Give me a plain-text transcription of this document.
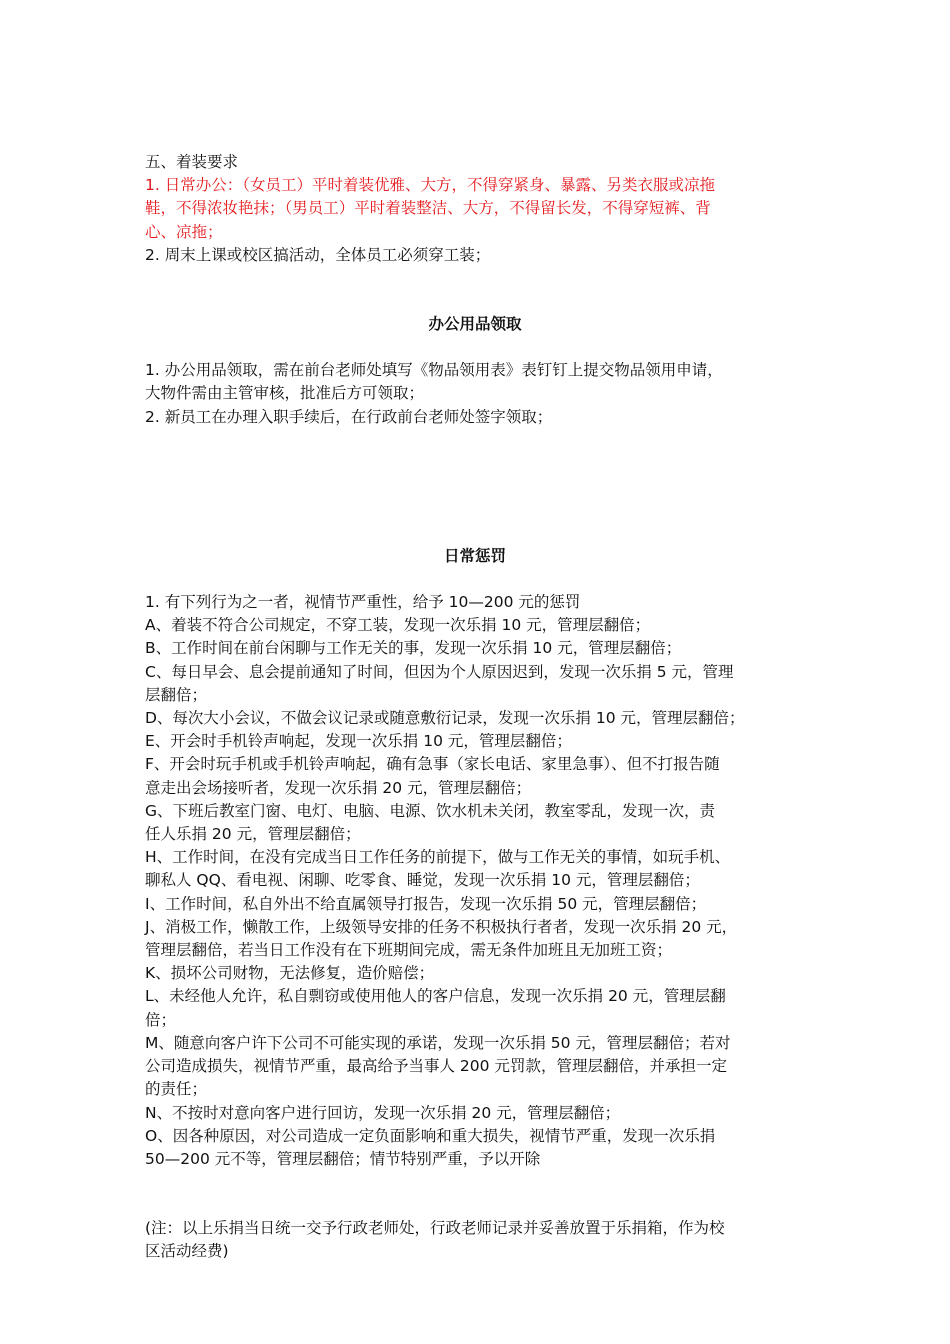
五、着装要求
1. 日常办公：（女员工）平时着装优雅、大方，不得穿紧身、暴露、另类衣服或凉拖
鞋，不得浓妆艳抹；（男员工）平时着装整洁、大方，不得留长发，不得穿短裤、背
心、凉拖；
2. 周末上课或校区搞活动，全体员工必须穿工装；
办公用品领取
1. 办公用品领取，需在前台老师处填写《物品领用表》表钉钉上提交物品领用申请，
大物件需由主管审核，批准后方可领取；
2. 新员工在办理入职手续后，在行政前台老师处签字领取；
日常惩罚
1. 有下列行为之一者，视情节严重性，给予 10—200 元的惩罚
A、着装不符合公司规定，不穿工装，发现一次乐捐 10 元，管理层翻倍；
B、工作时间在前台闲聊与工作无关的事，发现一次乐捐 10 元，管理层翻倍；
C、每日早会、息会提前通知了时间，但因为个人原因迟到，发现一次乐捐 5 元，管理
层翻倍；
D、每次大小会议，不做会议记录或随意敷衍记录，发现一次乐捐 10 元，管理层翻倍；
E、开会时手机铃声响起，发现一次乐捐 10 元，管理层翻倍；
F、开会时玩手机或手机铃声响起，确有急事（家长电话、家里急事）、但不打报告随
意走出会场接听者，发现一次乐捐 20 元，管理层翻倍；
G、下班后教室门窗、电灯、电脑、电源、饮水机未关闭，教室零乱，发现一次，责
任人乐捐 20 元，管理层翻倍；
H、工作时间，在没有完成当日工作任务的前提下，做与工作无关的事情，如玩手机、
聊私人 QQ、看电视、闲聊、吃零食、睡觉，发现一次乐捐 10 元，管理层翻倍；
I、工作时间，私自外出不给直属领导打报告，发现一次乐捐 50 元，管理层翻倍；
J、消极工作，懒散工作，上级领导安排的任务不积极执行者者，发现一次乐捐 20 元，
管理层翻倍，若当日工作没有在下班期间完成，需无条件加班且无加班工资；
K、损坏公司财物，无法修复，造价赔偿；
L、未经他人允许，私自剽窃或使用他人的客户信息，发现一次乐捐 20 元，管理层翻
倍；
M、随意向客户许下公司不可能实现的承诺，发现一次乐捐 50 元，管理层翻倍；若对
公司造成损失，视情节严重，最高给予当事人 200 元罚款，管理层翻倍，并承担一定
的责任；
N、不按时对意向客户进行回访，发现一次乐捐 20 元，管理层翻倍；
O、因各种原因，对公司造成一定负面影响和重大损失，视情节严重，发现一次乐捐
50—200 元不等，管理层翻倍；情节特别严重，予以开除
(注：以上乐捐当日统一交予行政老师处，行政老师记录并妥善放置于乐捐箱，作为校
区活动经费)
